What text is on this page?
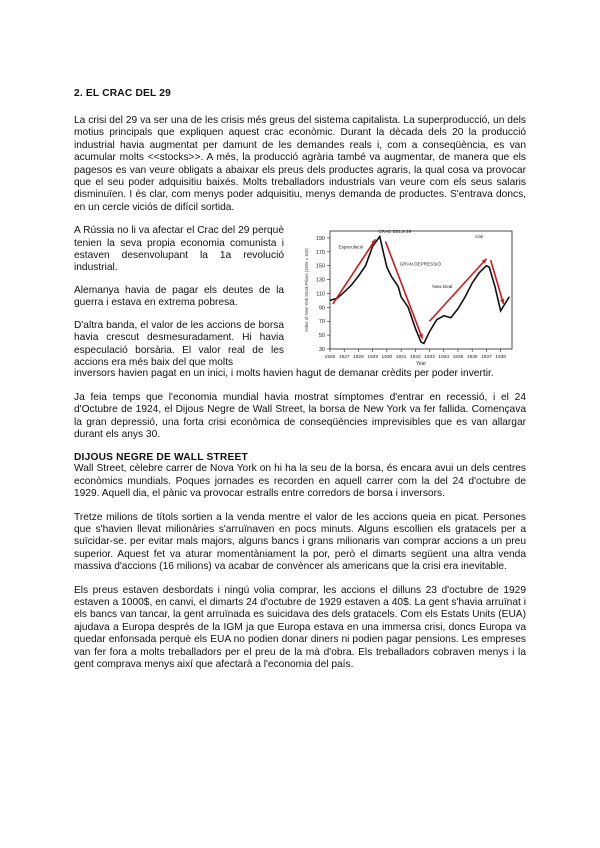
2. EL CRAC DEL 29

La crisi del 29 va ser una de les crisis més greus del sistema capitalista. La superproducció, un dels motius principals que expliquen aquest crac econòmic. Durant la dècada dels 20 la producció industrial havia augmentat per damunt de les demandes reals i, com a conseqüència, es van acumular molts <<stocks>>. A més, la producció agrària també va augmentar, de manera que els pagesos es van veure obligats a abaixar els preus dels productes agraris, la qual cosa va provocar que el seu poder adquisitiu baixés. Molts treballadors industrials van veure com els seus salaris disminuïen. I és clar, com menys poder adquisitiu, menys demanda de productes. S'entrava doncs, en un cercle viciós de difícil sortida.

A Rússia no li va afectar el Crac del 29 perquè tenien la seva propia economia comunista i estaven desenvolupant la 1a revolució industrial.

Alemanya havia de pagar els deutes de la guerra i estava en extrema pobresa.

D'altra banda, el valor de les accions de borsa havia crescut desmesuradament. Hi havia especulació borsària. El valor real de les accions era més baix del que molts

30
50
70
90
110
130
150
170
190
1926 1927 1928 1929 1930 1931 1932 1933 1934 1935 1936 1937 1938
Index of New York Stock Prices (1926 = 100)
Year
CRAC DELS 29
Especulació
GRAN DEPRESSIÓ
New Deal
crisi

inversors havien pagat en un inici, i molts havien hagut de demanar crèdits per poder invertir.

Ja feia temps que l'economia mundial havia mostrat símptomes d'entrar en recessió, i el 24 d'Octubre de 1924, el Dijous Negre de Wall Street, la borsa de New York va fer fallida. Començava la gran depressió, una forta crisi econòmica de conseqüències imprevisibles que es van allargar durant els anys 30.

DIJOUS NEGRE DE WALL STREET

Wall Street, cèlebre carrer de Nova York on hi ha la seu de la borsa, és encara avui un dels centres econòmics mundials. Poques jornades es recorden en aquell carrer com la del 24 d'octubre de 1929. Aquell dia, el pànic va provocar estralls entre corredors de borsa i inversors.

Tretze milions de títols sortien a la venda mentre el valor de les accions queia en picat. Persones que s'havien llevat milionàries s'arruïnaven en pocs minuts. Alguns escollien els gratacels per a suïcidar-se. per evitar mals majors, alguns bancs i grans milionaris van comprar accions a un preu superior. Aquest fet va aturar momentàniament la por, però el dimarts següent una altra venda massiva d'accions (16 milions) va acabar de convèncer als americans que la crisi era inevitable.

Els preus estaven desbordats i ningú volia comprar, les accions el dilluns 23 d'octubre de 1929 estaven a 1000$, en canvi, el dimarts 24 d'octubre de 1929 estaven a 40$. La gent s'havia arruïnat i els bancs van tancar, la gent arruïnada es suicidava des dels gratacels. Com els Estats Units (EUA) ajudava a Europa després de la IGM ja que Europa estava en una immersa crisi, doncs Europa va quedar enfonsada perquè els EUA no podien donar diners ni podien pagar pensions. Les empreses van fer fora a molts treballadors per el preu de la mà d'obra. Els treballadors cobraven menys i la gent comprava menys així que afectarà a l'economia del país.
